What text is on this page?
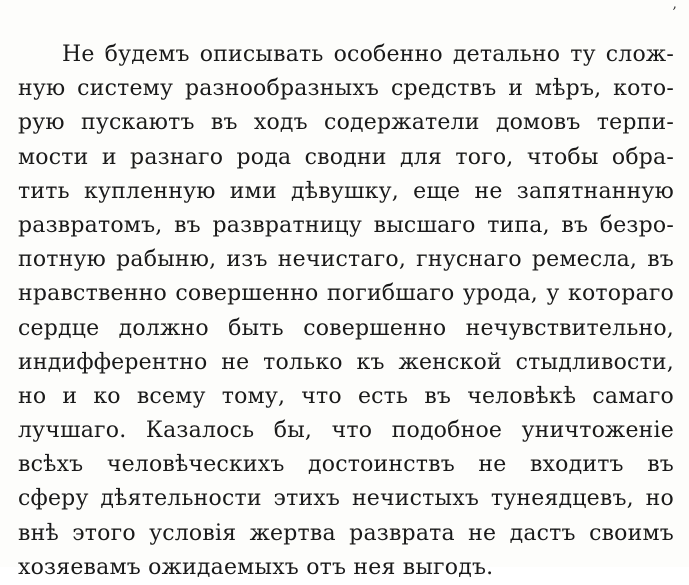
,
Не будемъ описывать особенно детально ту слож-
ную систему разнообразныхъ средствъ и мѣръ, кото-
рую пускаютъ въ ходъ содержатели домовъ терпи-
мости и разнаго рода сводни для того, чтобы обра-
тить купленную ими дѣвушку, еще не запятнанную
развратомъ, въ развратницу высшаго типа, въ безро-
потную рабыню, изъ нечистаго, гнуснаго ремесла, въ
нравственно совершенно погибшаго урода, у котораго
сердце должно быть совершенно нечувствительно,
индифферентно не только къ женской стыдливости,
но и ко всему тому, что есть въ человѣкѣ самаго
лучшаго. Казалось бы, что подобное уничтоженіе
всѣхъ человѣческихъ достоинствъ не входитъ въ
сферу дѣятельности этихъ нечистыхъ тунеядцевъ, но
внѣ этого условія жертва разврата не дастъ своимъ
хозяевамъ ожидаемыхъ отъ нея выгодъ.
